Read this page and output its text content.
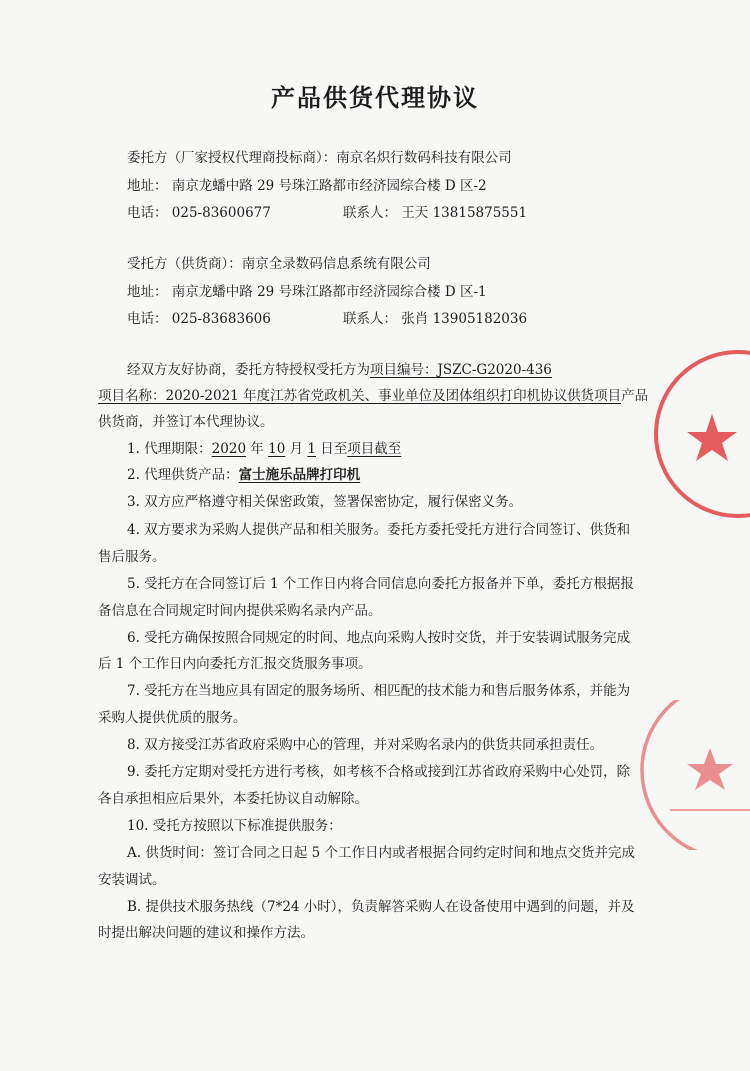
产品供货代理协议
委托方（厂家授权代理商投标商）：南京名炽行数码科技有限公司
地址： 南京龙蟠中路 29 号珠江路都市经济园综合楼 D 区-2
电话： 025-83600677	联系人： 王天 13815875551
受托方（供货商）：南京全录数码信息系统有限公司
地址： 南京龙蟠中路 29 号珠江路都市经济园综合楼 D 区-1
电话： 025-83683606	联系人： 张肖 13905182036
经双方友好协商，委托方特授权受托方为项目编号：JSZC-G2020-436
项目名称：2020-2021 年度江苏省党政机关、事业单位及团体组织打印机协议供货项目产品
供货商，并签订本代理协议。
1. 代理期限：2020 年 10 月 1 日至项目截至
2. 代理供货产品：富士施乐品牌打印机
3. 双方应严格遵守相关保密政策，签署保密协定，履行保密义务。
4. 双方要求为采购人提供产品和相关服务。委托方委托受托方进行合同签订、供货和
售后服务。
5. 受托方在合同签订后 1 个工作日内将合同信息向委托方报备并下单，委托方根据报
备信息在合同规定时间内提供采购名录内产品。
6. 受托方确保按照合同规定的时间、地点向采购人按时交货，并于安装调试服务完成
后 1 个工作日内向委托方汇报交货服务事项。
7. 受托方在当地应具有固定的服务场所、相匹配的技术能力和售后服务体系，并能为
采购人提供优质的服务。
8. 双方接受江苏省政府采购中心的管理，并对采购名录内的供货共同承担责任。
9. 委托方定期对受托方进行考核，如考核不合格或接到江苏省政府采购中心处罚，除
各自承担相应后果外，本委托协议自动解除。
10. 受托方按照以下标准提供服务：
A. 供货时间：签订合同之日起 5 个工作日内或者根据合同约定时间和地点交货并完成
安装调试。
B. 提供技术服务热线（7*24 小时），负责解答采购人在设备使用中遇到的问题，并及
时提出解决问题的建议和操作方法。
